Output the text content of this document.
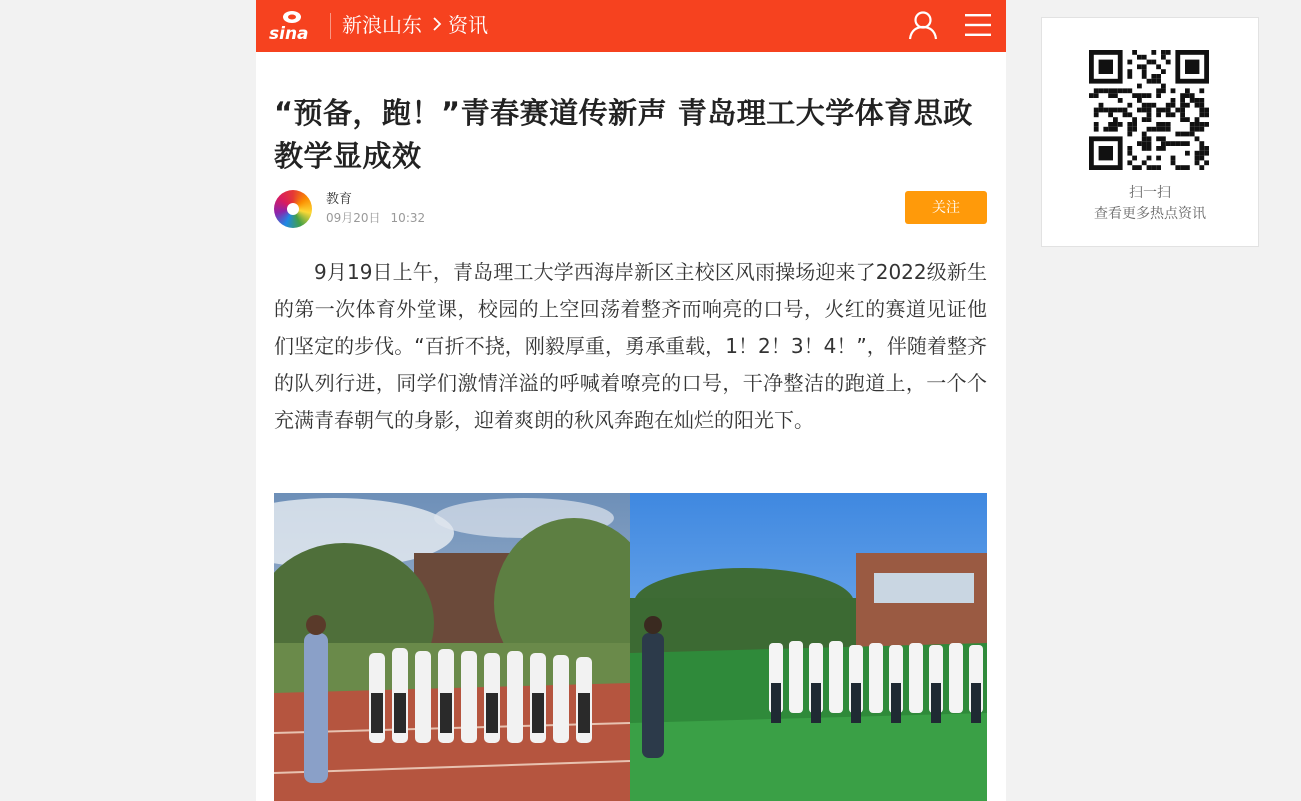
sina 新浪山东 资讯
“预备，跑！”青春赛道传新声 青岛理工大学体育思政教学显成效
教育
09月20日 10:32
关注

9月19日上午，青岛理工大学西海岸新区主校区风雨操场迎来了2022级新生的第一次体育外堂课，校园的上空回荡着整齐而响亮的口号，火红的赛道见证他们坚定的步伐。“百折不挠，刚毅厚重，勇承重载，1！2！3！4！”，伴随着整齐的队列行进，同学们激情洋溢的呼喊着嘹亮的口号，干净整洁的跑道上，一个个充满青春朝气的身影，迎着爽朗的秋风奔跑在灿烂的阳光下。

扫一扫
查看更多热点资讯
